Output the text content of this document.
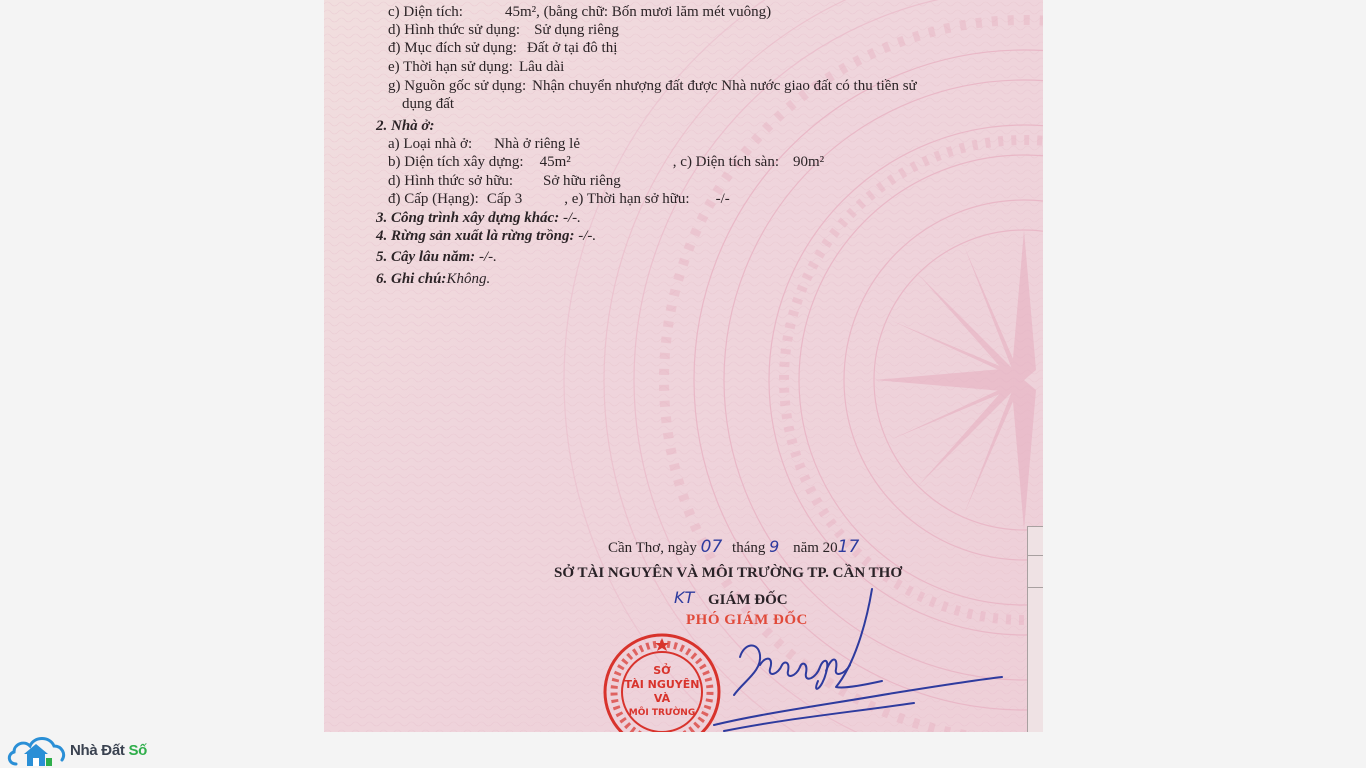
c) Diện tích:	45m², (bằng chữ: Bốn mươi lăm mét vuông)
d) Hình thức sử dụng: Sử dụng riêng
đ) Mục đích sử dụng: Đất ở tại đô thị
e) Thời hạn sử dụng: Lâu dài
g) Nguồn gốc sử dụng: Nhận chuyển nhượng đất được Nhà nước giao đất có thu tiền sử
dụng đất
2. Nhà ở:
a) Loại nhà ở: Nhà ở riêng lẻ
b) Diện tích xây dựng: 45m²	, c) Diện tích sàn: 90m²
d) Hình thức sở hữu: Sở hữu riêng
đ) Cấp (Hạng): Cấp 3	, e) Thời hạn sở hữu: -/-
3. Công trình xây dựng khác: -/-.
4. Rừng sản xuất là rừng trồng: -/-.
5. Cây lâu năm: -/-.
6. Ghi chú:Không.
Cần Thơ, ngày 07 tháng 9 năm 2017
SỞ TÀI NGUYÊN VÀ MÔI TRƯỜNG TP. CẦN THƠ
KT GIÁM ĐỐC
PHÓ GIÁM ĐỐC
SỞ
TÀI NGUYÊN
VÀ
MÔI TRƯỜNG
Nhà Đất Số
